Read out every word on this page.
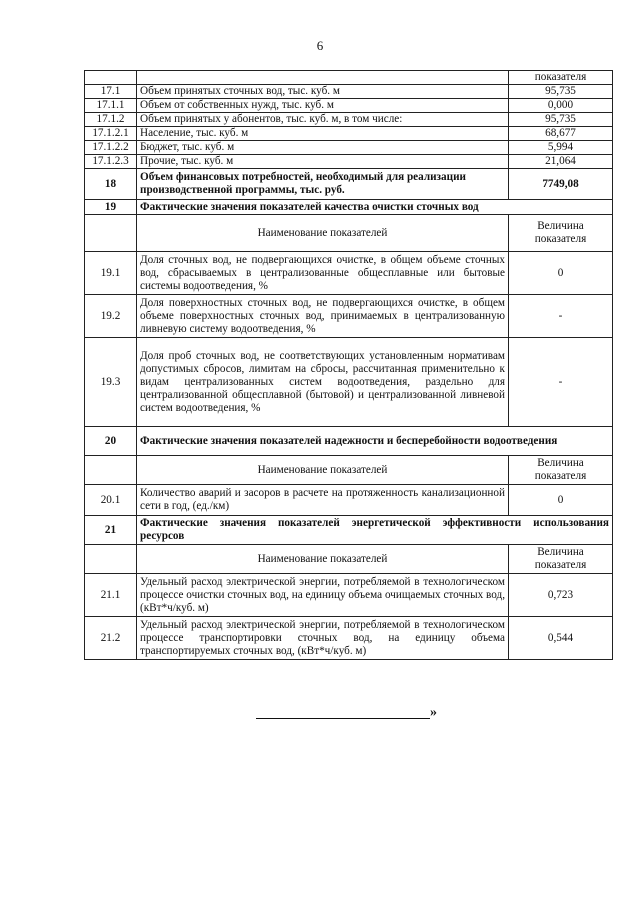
6
		показателя
17.1	Объем принятых сточных вод, тыс. куб. м	95,735
17.1.1	Объем от собственных нужд, тыс. куб. м	0,000
17.1.2	Объем принятых у абонентов, тыс. куб. м, в том числе:	95,735
17.1.2.1	Население, тыс. куб. м	68,677
17.1.2.2	Бюджет, тыс. куб. м	5,994
17.1.2.3	Прочие, тыс. куб. м	21,064
18	Объем финансовых потребностей, необходимый для реализации производственной программы, тыс. руб.	7749,08
19	Фактические значения показателей качества очистки сточных вод	
	Наименование показателей	Величина показателя
19.1	Доля сточных вод, не подвергающихся очистке, в общем объеме сточных вод, сбрасываемых в централизованные общесплавные или бытовые системы водоотведения, %	0
19.2	Доля поверхностных сточных вод, не подвергающихся очистке, в общем объеме поверхностных сточных вод, принимаемых в централизованную ливневую систему водоотведения, %	-
19.3	Доля проб сточных вод, не соответствующих установленным нормативам допустимых сбросов, лимитам на сбросы, рассчитанная применительно к видам централизованных систем водоотведения, раздельно для централизованной общесплавной (бытовой) и централизованной ливневой систем водоотведения, %	-
20	Фактические значения показателей надежности и бесперебойности водоотведения	
	Наименование показателей	Величина показателя
20.1	Количество аварий и засоров в расчете на протяженность канализационной сети в год, (ед./км)	0
21	Фактические значения показателей энергетической эффективности использования ресурсов	
	Наименование показателей	Величина показателя
21.1	Удельный расход электрической энергии, потребляемой в технологическом процессе очистки сточных вод, на единицу объема очищаемых сточных вод, (кВт*ч/куб. м)	0,723
21.2	Удельный расход электрической энергии, потребляемой в технологическом процессе транспортировки сточных вод, на единицу объема транспортируемых сточных вод, (кВт*ч/куб. м)	0,544
»
